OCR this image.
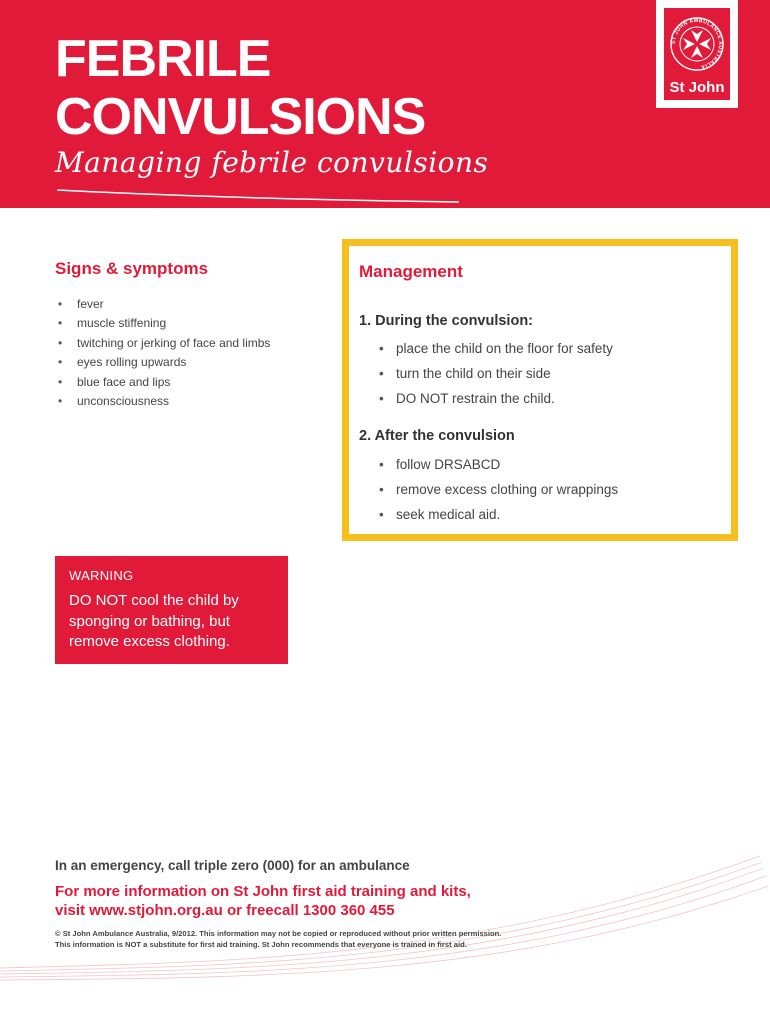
FEBRILE
CONVULSIONS
Managing febrile convulsions
ST JOHN AMBULANCE AUSTRALIA
St John
Signs & symptoms
• fever
• muscle stiffening
• twitching or jerking of face and limbs
• eyes rolling upwards
• blue face and lips
• unconsciousness
Management
1. During the convulsion:
• place the child on the floor for safety
• turn the child on their side
• DO NOT restrain the child.
2. After the convulsion
• follow DRSABCD
• remove excess clothing or wrappings
• seek medical aid.
WARNING
DO NOT cool the child by sponging or bathing, but remove excess clothing.
In an emergency, call triple zero (000) for an ambulance
For more information on St John first aid training and kits,
visit www.stjohn.org.au or freecall 1300 360 455
© St John Ambulance Australia, 9/2012. This information may not be copied or reproduced without prior written permission.
This information is NOT a substitute for first aid training. St John recommends that everyone is trained in first aid.
